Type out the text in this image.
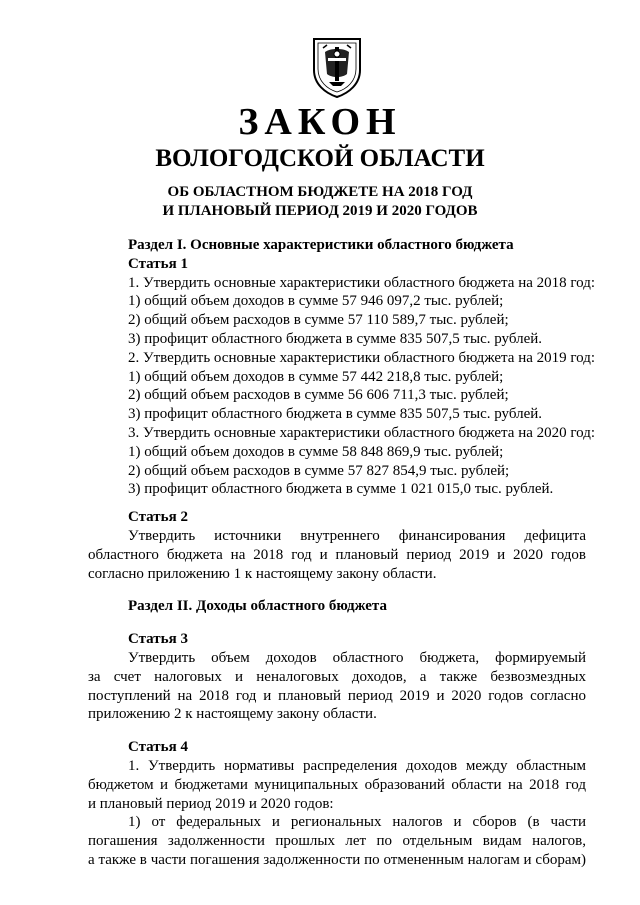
ЗАКОН
ВОЛОГОДСКОЙ ОБЛАСТИ
ОБ ОБЛАСТНОМ БЮДЖЕТЕ НА 2018 ГОД
И ПЛАНОВЫЙ ПЕРИОД 2019 И 2020 ГОДОВ
Раздел I. Основные характеристики областного бюджета
Статья 1
1. Утвердить основные характеристики областного бюджета на 2018 год:
1) общий объем доходов в сумме 57 946 097,2 тыс. рублей;
2) общий объем расходов в сумме 57 110 589,7 тыс. рублей;
3) профицит областного бюджета в сумме 835 507,5 тыс. рублей.
2. Утвердить основные характеристики областного бюджета на 2019 год:
1) общий объем доходов в сумме 57 442 218,8 тыс. рублей;
2) общий объем расходов в сумме 56 606 711,3 тыс. рублей;
3) профицит областного бюджета в сумме 835 507,5 тыс. рублей.
3. Утвердить основные характеристики областного бюджета на 2020 год:
1) общий объем доходов в сумме 58 848 869,9 тыс. рублей;
2) общий объем расходов в сумме 57 827 854,9 тыс. рублей;
3) профицит областного бюджета в сумме 1 021 015,0 тыс. рублей.
Статья 2
Утвердить источники внутреннего финансирования дефицита
областного бюджета на 2018 год и плановый период 2019 и 2020 годов
согласно приложению 1 к настоящему закону области.
Раздел II. Доходы областного бюджета
Статья 3
Утвердить объем доходов областного бюджета, формируемый
за счет налоговых и неналоговых доходов, а также безвозмездных
поступлений на 2018 год и плановый период 2019 и 2020 годов согласно
приложению 2 к настоящему закону области.
Статья 4
1. Утвердить нормативы распределения доходов между областным
бюджетом и бюджетами муниципальных образований области на 2018 год
и плановый период 2019 и 2020 годов:
1) от федеральных и региональных налогов и сборов (в части
погашения задолженности прошлых лет по отдельным видам налогов,
а также в части погашения задолженности по отмененным налогам и сборам)
